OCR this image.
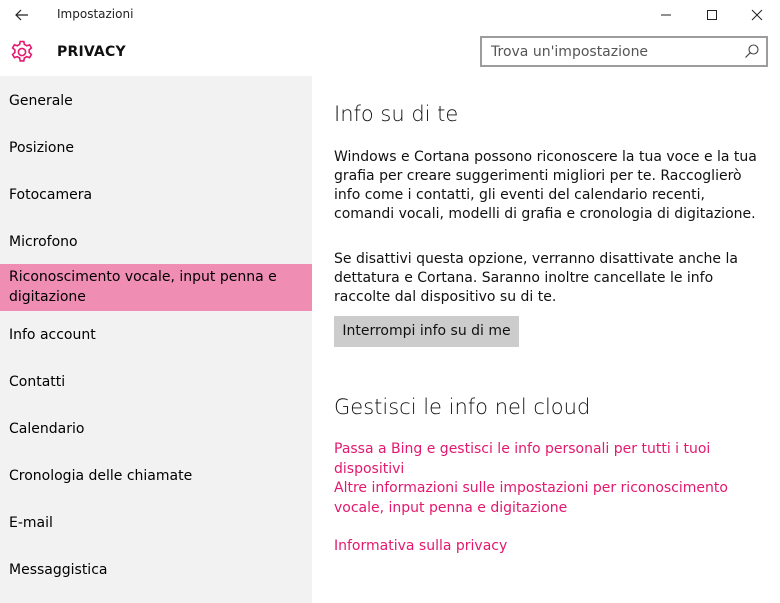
Impostazioni
PRIVACY
Trova un'impostazione
Generale
Posizione
Fotocamera
Microfono
Riconoscimento vocale, input penna e digitazione
Info account
Contatti
Calendario
Cronologia delle chiamate
E-mail
Messaggistica
Info su di te

Windows e Cortana possono riconoscere la tua voce e la tua grafia per creare suggerimenti migliori per te. Raccoglierò info come i contatti, gli eventi del calendario recenti, comandi vocali, modelli di grafia e cronologia di digitazione.

Se disattivi questa opzione, verranno disattivate anche la dettatura e Cortana. Saranno inoltre cancellate le info raccolte dal dispositivo su di te.

Interrompi info su di me
Gestisci le info nel cloud
Passa a Bing e gestisci le info personali per tutti i tuoi dispositivi
Altre informazioni sulle impostazioni per riconoscimento vocale, input penna e digitazione
Informativa sulla privacy
